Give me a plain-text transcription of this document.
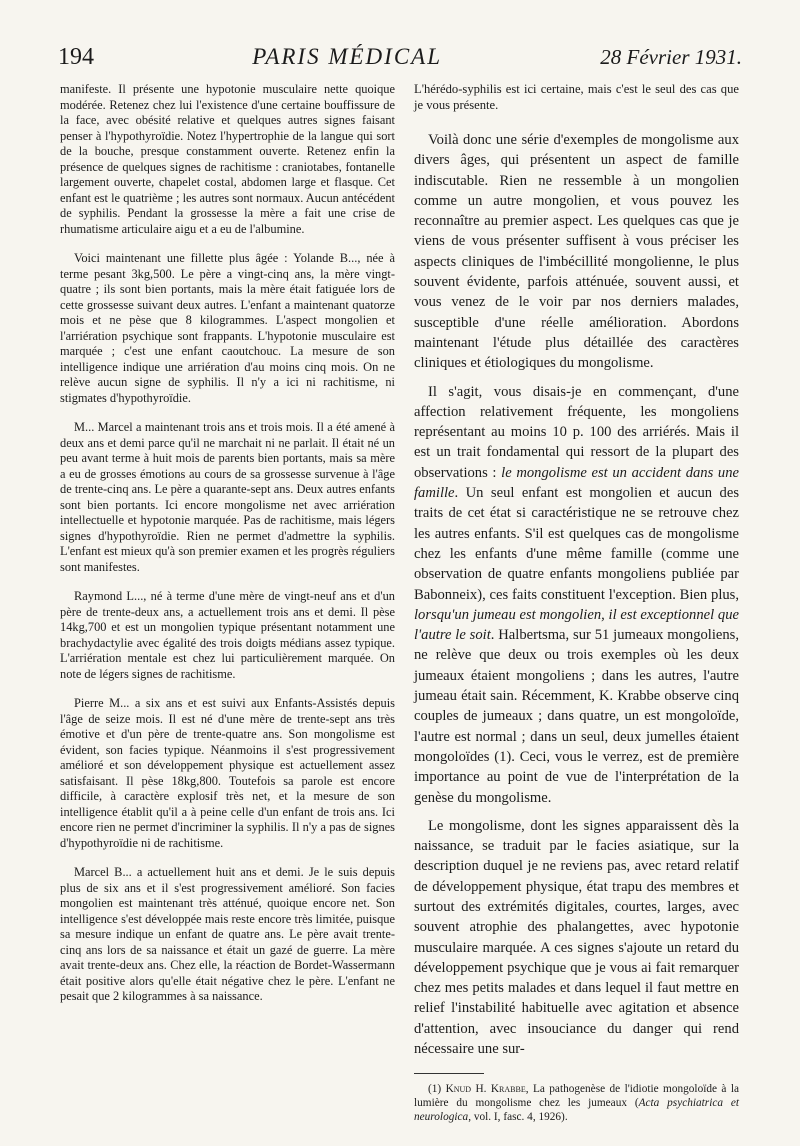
194	PARIS MÉDICAL	28 Février 1931.

manifeste. Il présente une hypotonie musculaire nette quoique modérée. Retenez chez lui l'existence d'une certaine bouffissure de la face, avec obésité relative et quelques autres signes faisant penser à l'hypothyroïdie. Notez l'hypertrophie de la langue qui sort de la bouche, presque constamment ouverte. Retenez enfin la présence de quelques signes de rachitisme : craniotabes, fontanelle largement ouverte, chapelet costal, abdomen large et flasque. Cet enfant est le quatrième ; les autres sont normaux. Aucun antécédent de syphilis. Pendant la grossesse la mère a fait une crise de rhumatisme articulaire aigu et a eu de l'albumine.

Voici maintenant une fillette plus âgée : Yolande B..., née à terme pesant 3kg,500. Le père a vingt-cinq ans, la mère vingt-quatre ; ils sont bien portants, mais la mère était fatiguée lors de cette grossesse suivant deux autres. L'enfant a maintenant quatorze mois et ne pèse que 8 kilogrammes. L'aspect mongolien et l'arriération psychique sont frappants. L'hypotonie musculaire est marquée ; c'est une enfant caoutchouc. La mesure de son intelligence indique une arriération d'au moins cinq mois. On ne relève aucun signe de syphilis. Il n'y a ici ni rachitisme, ni stigmates d'hypothyroïdie.

M... Marcel a maintenant trois ans et trois mois. Il a été amené à deux ans et demi parce qu'il ne marchait ni ne parlait. Il était né un peu avant terme à huit mois de parents bien portants, mais sa mère a eu de grosses émotions au cours de sa grossesse survenue à l'âge de trente-cinq ans. Le père a quarante-sept ans. Deux autres enfants sont bien portants. Ici encore mongolisme net avec arriération intellectuelle et hypotonie marquée. Pas de rachitisme, mais légers signes d'hypothyroïdie. Rien ne permet d'admettre la syphilis. L'enfant est mieux qu'à son premier examen et les progrès réguliers sont manifestes.

Raymond L..., né à terme d'une mère de vingt-neuf ans et d'un père de trente-deux ans, a actuellement trois ans et demi. Il pèse 14kg,700 et est un mongolien typique présentant notamment une brachydactylie avec égalité des trois doigts médians assez typique. L'arriération mentale est chez lui particulièrement marquée. On note de légers signes de rachitisme.

Pierre M... a six ans et est suivi aux Enfants-Assistés depuis l'âge de seize mois. Il est né d'une mère de trente-sept ans très émotive et d'un père de trente-quatre ans. Son mongolisme est évident, son facies typique. Néanmoins il s'est progressivement amélioré et son développement physique est actuellement assez satisfaisant. Il pèse 18kg,800. Toutefois sa parole est encore difficile, à caractère explosif très net, et la mesure de son intelligence établit qu'il a à peine celle d'un enfant de trois ans. Ici encore rien ne permet d'incriminer la syphilis. Il n'y a pas de signes d'hypothyroïdie ni de rachitisme.

Marcel B... a actuellement huit ans et demi. Je le suis depuis plus de six ans et il s'est progressivement amélioré. Son facies mongolien est maintenant très atténué, quoique encore net. Son intelligence s'est développée mais reste encore très limitée, puisque sa mesure indique un enfant de quatre ans. Le père avait trente-cinq ans lors de sa naissance et était un gazé de guerre. La mère avait trente-deux ans. Chez elle, la réaction de Bordet-Wassermann était positive alors qu'elle était négative chez le père. L'enfant ne pesait que 2 kilogrammes à sa naissance.

L'hérédo-syphilis est ici certaine, mais c'est le seul des cas que je vous présente.

Voilà donc une série d'exemples de mongolisme aux divers âges, qui présentent un aspect de famille indiscutable. Rien ne ressemble à un mongolien comme un autre mongolien, et vous pouvez les reconnaître au premier aspect. Les quelques cas que je viens de vous présenter suffisent à vous préciser les aspects cliniques de l'imbécillité mongolienne, le plus souvent évidente, parfois atténuée, souvent aussi, et vous venez de le voir par nos derniers malades, susceptible d'une réelle amélioration. Abordons maintenant l'étude plus détaillée des caractères cliniques et étiologiques du mongolisme.

Il s'agit, vous disais-je en commençant, d'une affection relativement fréquente, les mongoliens représentant au moins 10 p. 100 des arriérés. Mais il est un trait fondamental qui ressort de la plupart des observations : le mongolisme est un accident dans une famille. Un seul enfant est mongolien et aucun des traits de cet état si caractéristique ne se retrouve chez les autres enfants. S'il est quelques cas de mongolisme chez les enfants d'une même famille (comme une observation de quatre enfants mongoliens publiée par Babonneix), ces faits constituent l'exception. Bien plus, lorsqu'un jumeau est mongolien, il est exceptionnel que l'autre le soit. Halbertsma, sur 51 jumeaux mongoliens, ne relève que deux ou trois exemples où les deux jumeaux étaient mongoliens ; dans les autres, l'autre jumeau était sain. Récemment, K. Krabbe observe cinq couples de jumeaux ; dans quatre, un est mongoloïde, l'autre est normal ; dans un seul, deux jumelles étaient mongoloïdes (1). Ceci, vous le verrez, est de première importance au point de vue de l'interprétation de la genèse du mongolisme.

Le mongolisme, dont les signes apparaissent dès la naissance, se traduit par le facies asiatique, sur la description duquel je ne reviens pas, avec retard relatif de développement physique, état trapu des membres et surtout des extrémités digitales, courtes, larges, avec souvent atrophie des phalangettes, avec hypotonie musculaire marquée. A ces signes s'ajoute un retard du développement psychique que je vous ai fait remarquer chez mes petits malades et dans lequel il faut mettre en relief l'instabilité habituelle avec agitation et absence d'attention, avec insouciance du danger qui rend nécessaire une sur-

(1) Knud H. Krabbe, La pathogenèse de l'idiotie mongoloïde à la lumière du mongolisme chez les jumeaux (Acta psychiatrica et neurologica, vol. I, fasc. 4, 1926).
